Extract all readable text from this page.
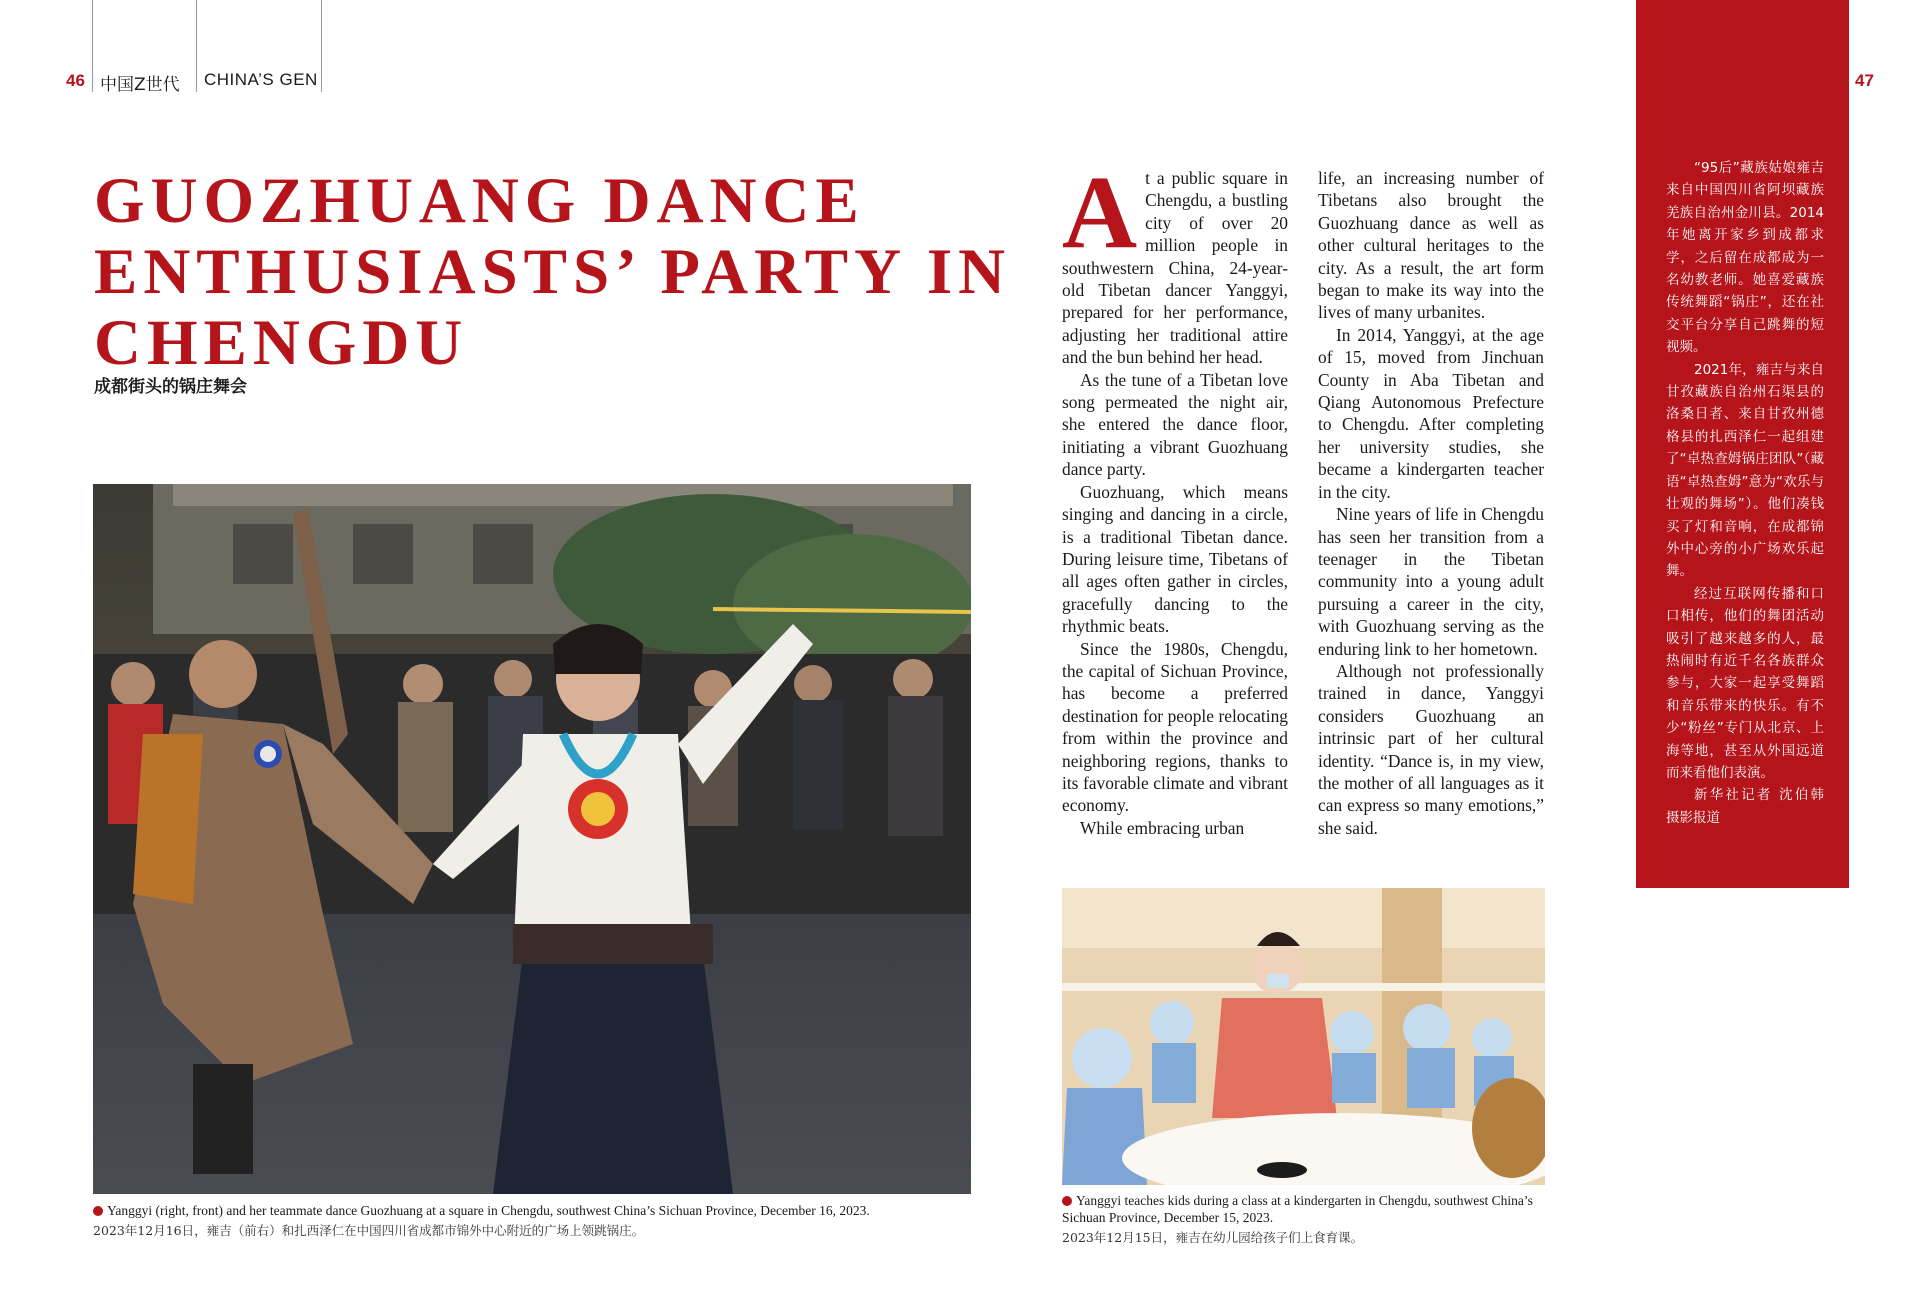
46 中国Z世代 CHINA’S GEN
GUOZHUANG DANCE
ENTHUSIASTS’ PARTY IN
CHENGDU
成都街头的锅庄舞会
Yanggyi (right, front) and her teammate dance Guozhuang at a square in Chengdu, southwest China’s Sichuan Province, December 16, 2023.
2023年12月16日，雍吉（前右）和扎西泽仁在中国四川省成都市锦外中心附近的广场上领跳锅庄。

At a public square in Chengdu, a bustling city of over 20 million people in southwestern China, 24-year-old Tibetan dancer Yanggyi, prepared for her performance, adjusting her traditional attire and the bun behind her head.

As the tune of a Tibetan love song permeated the night air, she entered the dance floor, initiating a vibrant Guozhuang dance party.

Guozhuang, which means singing and dancing in a circle, is a traditional Tibetan dance. During leisure time, Tibetans of all ages often gather in circles, gracefully dancing to the rhythmic beats.

Since the 1980s, Chengdu, the capital of Sichuan Province, has become a preferred destination for people relocating from within the province and neighboring regions, thanks to its favorable climate and vibrant economy.

While embracing urban

life, an increasing number of Tibetans also brought the Guozhuang dance as well as other cultural heritages to the city. As a result, the art form began to make its way into the lives of many urbanites.

In 2014, Yanggyi, at the age of 15, moved from Jinchuan County in Aba Tibetan and Qiang Autonomous Prefecture to Chengdu. After completing her university studies, she became a kindergarten teacher in the city.

Nine years of life in Chengdu has seen her transition from a teenager in the Tibetan community into a young adult pursuing a career in the city, with Guozhuang serving as the enduring link to her hometown.

Although not professionally trained in dance, Yanggyi considers Guozhuang an intrinsic part of her cultural identity. “Dance is, in my view, the mother of all languages as it can express so many emotions,” she said.

Yanggyi teaches kids during a class at a kindergarten in Chengdu, southwest China’s Sichuan Province, December 15, 2023.
2023年12月15日，雍吉在幼儿园给孩子们上食育课。
47

“95后”藏族姑娘雍吉来自中国四川省阿坝藏族羌族自治州金川县。2014年她离开家乡到成都求学，之后留在成都成为一名幼教老师。她喜爱藏族传统舞蹈“锅庄”，还在社交平台分享自己跳舞的短视频。

2021年，雍吉与来自甘孜藏族自治州石渠县的洛桑日者、来自甘孜州德格县的扎西泽仁一起组建了“卓热查姆锅庄团队”（藏语“卓热查姆”意为“欢乐与壮观的舞场”）。他们凑钱买了灯和音响，在成都锦外中心旁的小广场欢乐起舞。

经过互联网传播和口口相传，他们的舞团活动吸引了越来越多的人，最热闹时有近千名各族群众参与，大家一起享受舞蹈和音乐带来的快乐。有不少“粉丝”专门从北京、上海等地，甚至从外国远道而来看他们表演。

新华社记者 沈伯韩 摄影报道
